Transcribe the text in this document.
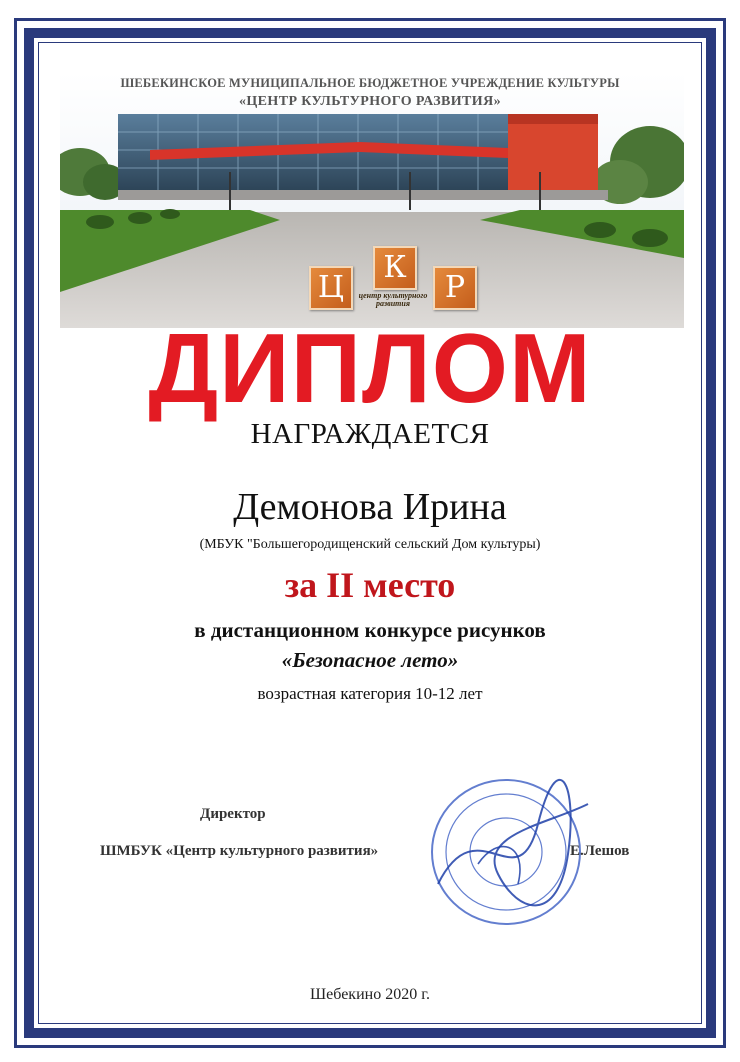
ШЕБЕКИНСКОЕ МУНИЦИПАЛЬНОЕ БЮДЖЕТНОЕ УЧРЕЖДЕНИЕ КУЛЬТУРЫ
«ЦЕНТР КУЛЬТУРНОГО РАЗВИТИЯ»
Ц
К
Р
центр культурного развития
ДИПЛОМ
НАГРАЖДАЕТСЯ
Демонова Ирина
(МБУК "Большегородищенский сельский Дом культуры)
за II место
в дистанционном конкурсе рисунков
«Безопасное лето»
возрастная категория 10-12 лет
Директор
ШМБУК «Центр культурного развития»	Е.Лешов
Шебекино 2020 г.
